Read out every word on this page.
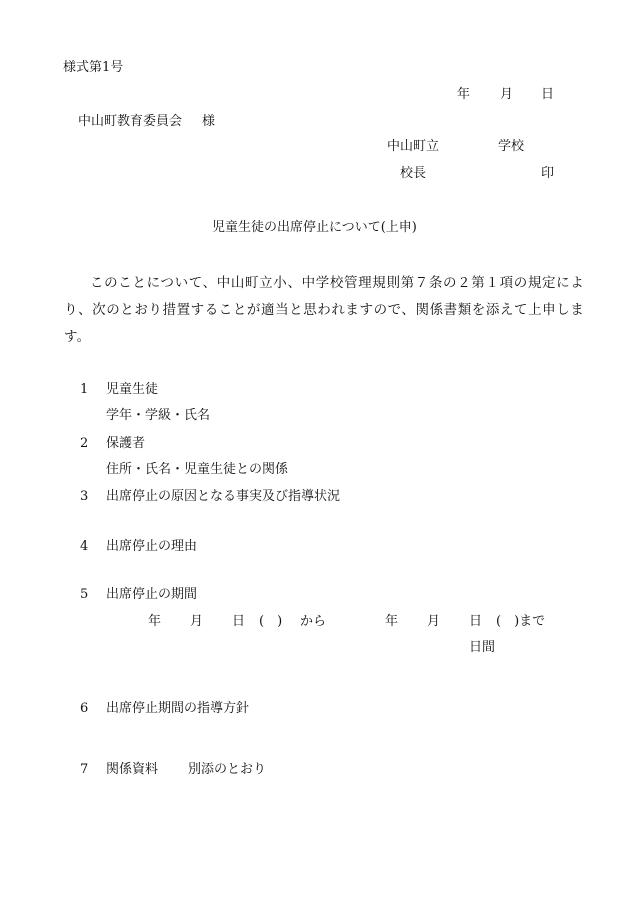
様式第1号
年 月 日
中山町教育委員会 様
中山町立	学校
校長	印
児童生徒の出席停止について(上申)
このことについて、中山町立小、中学校管理規則第７条の２第１項の規定により、次のとおり措置することが適当と思われますので、関係書類を添えて上申します。
1 児童生徒
学年・学級・氏名
2 保護者
住所・氏名・児童生徒との関係
3 出席停止の原因となる事実及び指導状況
4 出席停止の理由
5 出席停止の期間
年 月 日 (　) から	年 月 日 (　)まで
日間
6 出席停止期間の指導方針
7 関係資料 別添のとおり
